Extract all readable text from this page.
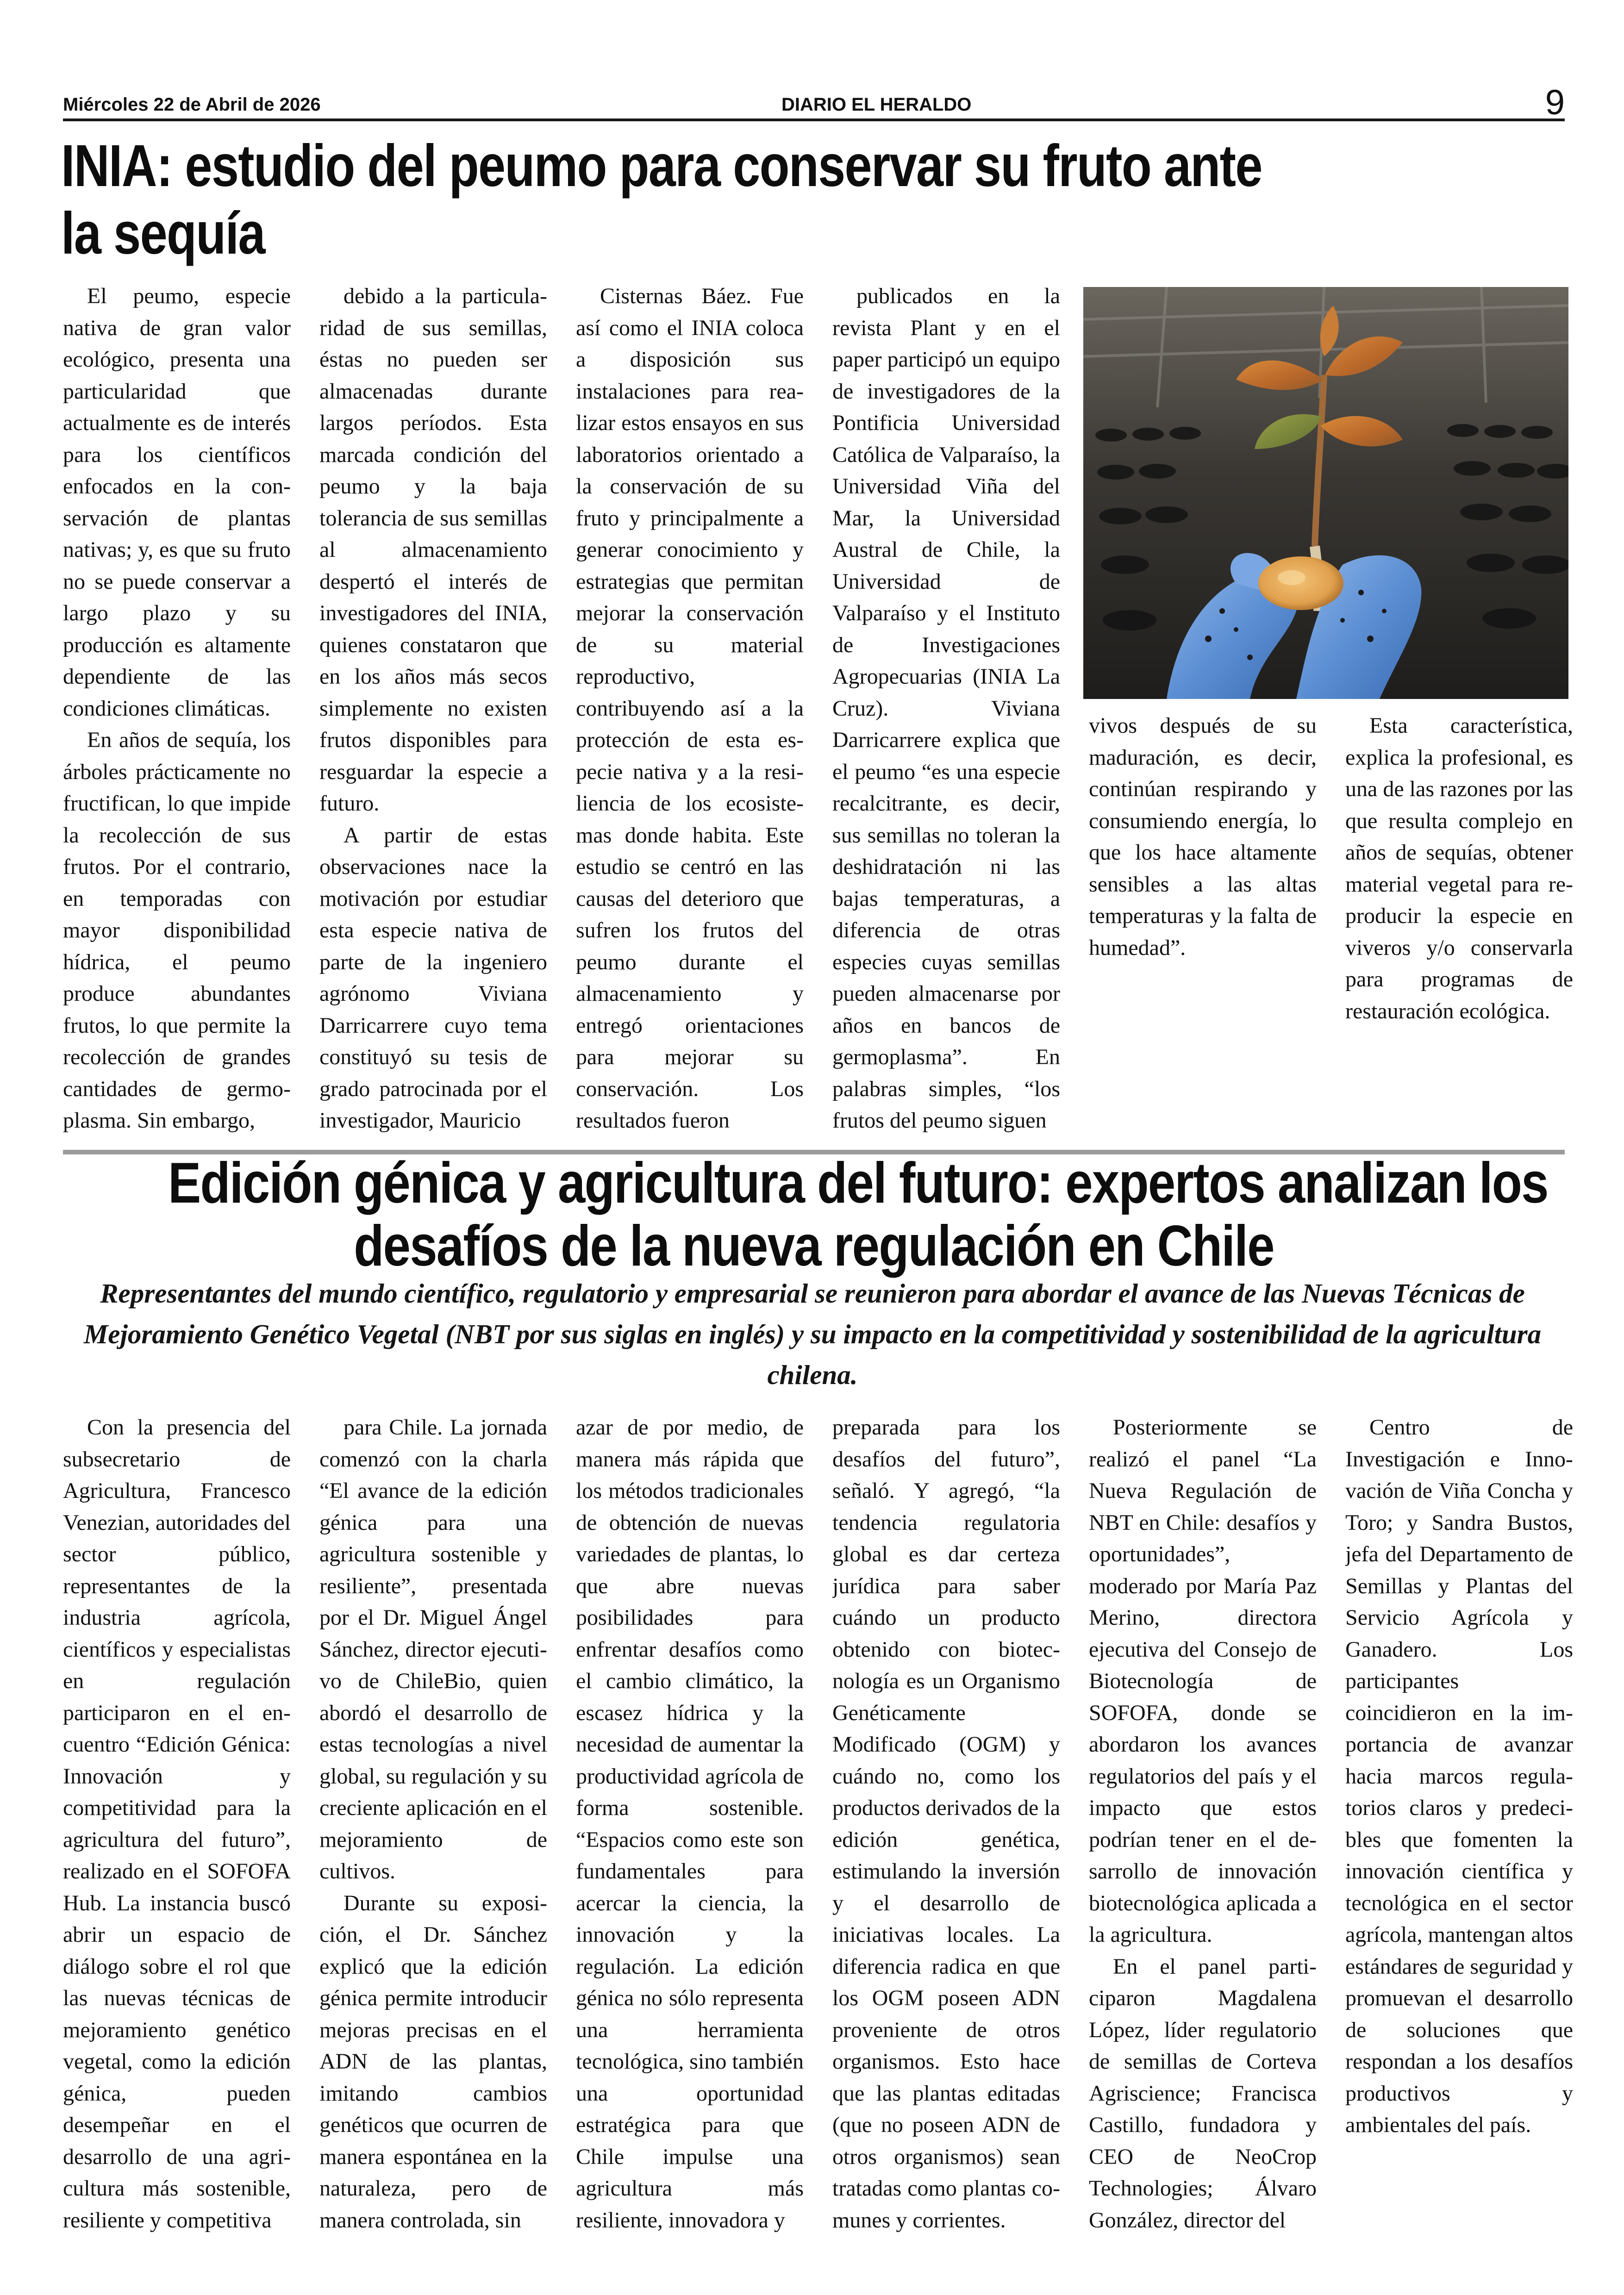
Miércoles 22 de Abril de 2026	DIARIO EL HERALDO	9
INIA: estudio del peumo para conservar su fruto ante la sequía

El peumo, especie nativa de gran valor ecológico, presenta una particularidad que actualmente es de interés para los científicos enfocados en la conservación de plantas nativas; y, es que su fruto no se puede conservar a largo plazo y su producción es altamente dependiente de las condiciones climáticas.

En años de sequía, los árboles prácticamente no fructifican, lo que impide la recolección de sus frutos. Por el contrario, en temporadas con mayor disponibilidad hídrica, el peumo produce abundantes frutos, lo que permite la recolección de grandes cantidades de germoplasma. Sin embargo,

debido a la particularidad de sus semillas, éstas no pueden ser almacenadas durante largos períodos. Esta marcada condición del peumo y la baja tolerancia de sus semillas al almacenamiento despertó el interés de investigadores del INIA, quienes constataron que en los años más secos simplemente no existen frutos disponibles para resguardar la especie a futuro.

A partir de estas observaciones nace la motivación por estudiar esta especie nativa de parte de la ingeniero agrónomo Viviana Darricarrere cuyo tema constituyó su tesis de grado patrocinada por el investigador, Mauricio

Cisternas Báez. Fue así como el INIA coloca a disposición sus instalaciones para realizar estos ensayos en sus laboratorios orientado a la conservación de su fruto y principalmente a generar conocimiento y estrategias que permitan mejorar la conservación de su material reproductivo, contribuyendo así a la protección de esta especie nativa y a la resiliencia de los ecosistemas donde habita. Este estudio se centró en las causas del deterioro que sufren los frutos del peumo durante el almacenamiento y entregó orientaciones para mejorar su conservación. Los resultados fueron

publicados en la revista Plant y en el paper participó un equipo de investigadores de la Pontificia Universidad Católica de Valparaíso, la Universidad Viña del Mar, la Universidad Austral de Chile, la Universidad de Valparaíso y el Instituto de Investigaciones Agropecuarias (INIA La Cruz). Viviana Darricarrere explica que el peumo “es una especie recalcitrante, es decir, sus semillas no toleran la deshidratación ni las bajas temperaturas, a diferencia de otras especies cuyas semillas pueden almacenarse por años en bancos de germoplasma”. En palabras simples, “los frutos del peumo siguen

vivos después de su maduración, es decir, continúan respirando y consumiendo energía, lo que los hace altamente sensibles a las altas temperaturas y la falta de humedad”.

Esta característica, explica la profesional, es una de las razones por las que resulta complejo en años de sequías, obtener material vegetal para reproducir la especie en viveros y/o conservarla para programas de restauración ecológica.

Edición génica y agricultura del futuro: expertos analizan los
desafíos de la nueva regulación en Chile

Representantes del mundo científico, regulatorio y empresarial se reunieron para abordar el avance de las Nuevas Técnicas de Mejoramiento Genético Vegetal (NBT por sus siglas en inglés) y su impacto en la competitividad y sostenibilidad de la agricultura chilena.

Con la presencia del subsecretario de Agricultura, Francesco Venezian, autoridades del sector público, representantes de la industria agrícola, científicos y especialistas en regulación participaron en el encuentro “Edición Génica: Innovación y competitividad para la agricultura del futuro”, realizado en el SOFOFA Hub. La instancia buscó abrir un espacio de diálogo sobre el rol que las nuevas técnicas de mejoramiento genético vegetal, como la edición génica, pueden desempeñar en el desarrollo de una agricultura más sostenible, resiliente y competitiva

para Chile. La jornada comenzó con la charla “El avance de la edición génica para una agricultura sostenible y resiliente”, presentada por el Dr. Miguel Ángel Sánchez, director ejecutivo de ChileBio, quien abordó el desarrollo de estas tecnologías a nivel global, su regulación y su creciente aplicación en el mejoramiento de cultivos.

Durante su exposición, el Dr. Sánchez explicó que la edición génica permite introducir mejoras precisas en el ADN de las plantas, imitando cambios genéticos que ocurren de manera espontánea en la naturaleza, pero de manera controlada, sin

azar de por medio, de manera más rápida que los métodos tradicionales de obtención de nuevas variedades de plantas, lo que abre nuevas posibilidades para enfrentar desafíos como el cambio climático, la escasez hídrica y la necesidad de aumentar la productividad agrícola de forma sostenible. “Espacios como este son fundamentales para acercar la ciencia, la innovación y la regulación. La edición génica no sólo representa una herramienta tecnológica, sino también una oportunidad estratégica para que Chile impulse una agricultura más resiliente, innovadora y

preparada para los desafíos del futuro”, señaló. Y agregó, “la tendencia regulatoria global es dar certeza jurídica para saber cuándo un producto obtenido con biotecnología es un Organismo Genéticamente Modificado (OGM) y cuándo no, como los productos derivados de la edición genética, estimulando la inversión y el desarrollo de iniciativas locales. La diferencia radica en que los OGM poseen ADN proveniente de otros organismos. Esto hace que las plantas editadas (que no poseen ADN de otros organismos) sean tratadas como plantas comunes y corrientes.

Posteriormente se realizó el panel “La Nueva Regulación de NBT en Chile: desafíos y oportunidades”, moderado por María Paz Merino, directora ejecutiva del Consejo de Biotecnología de SOFOFA, donde se abordaron los avances regulatorios del país y el impacto que estos podrían tener en el desarrollo de innovación biotecnológica aplicada a la agricultura.

En el panel participaron Magdalena López, líder regulatorio de semillas de Corteva Agriscience; Francisca Castillo, fundadora y CEO de NeoCrop Technologies; Álvaro González, director del

Centro de Investigación e Innovación de Viña Concha y Toro; y Sandra Bustos, jefa del Departamento de Semillas y Plantas del Servicio Agrícola y Ganadero. Los participantes coincidieron en la importancia de avanzar hacia marcos regulatorios claros y predecibles que fomenten la innovación científica y tecnológica en el sector agrícola, mantengan altos estándares de seguridad y promuevan el desarrollo de soluciones que respondan a los desafíos productivos y ambientales del país.
